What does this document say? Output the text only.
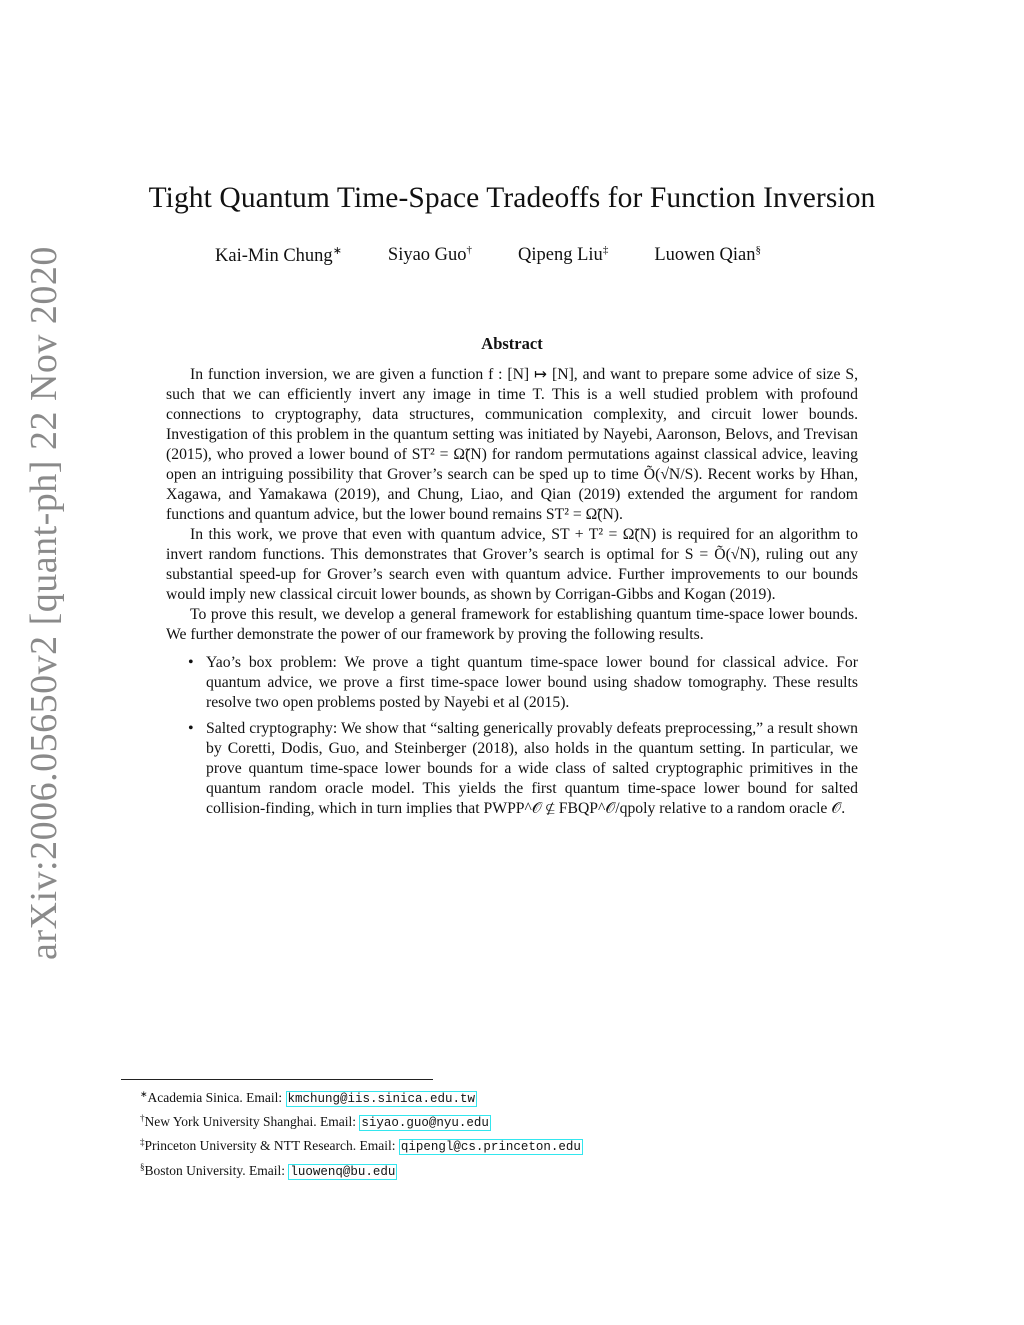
arXiv:2006.05650v2 [quant-ph] 22 Nov 2020
Tight Quantum Time-Space Tradeoffs for Function Inversion
Kai-Min Chung∗ Siyao Guo† Qipeng Liu‡ Luowen Qian§
Abstract

In function inversion, we are given a function f : [N] ↦ [N], and want to prepare some advice of size S, such that we can efficiently invert any image in time T. This is a well studied problem with profound connections to cryptography, data structures, communication complexity, and circuit lower bounds. Investigation of this problem in the quantum setting was initiated by Nayebi, Aaronson, Belovs, and Trevisan (2015), who proved a lower bound of ST² = Ω̃(N) for random permutations against classical advice, leaving open an intriguing possibility that Grover’s search can be sped up to time Õ(√N/S). Recent works by Hhan, Xagawa, and Yamakawa (2019), and Chung, Liao, and Qian (2019) extended the argument for random functions and quantum advice, but the lower bound remains ST² = Ω̃(N).

In this work, we prove that even with quantum advice, ST + T² = Ω̃(N) is required for an algorithm to invert random functions. This demonstrates that Grover’s search is optimal for S = Õ(√N), ruling out any substantial speed-up for Grover’s search even with quantum advice. Further improvements to our bounds would imply new classical circuit lower bounds, as shown by Corrigan-Gibbs and Kogan (2019).

To prove this result, we develop a general framework for establishing quantum time-space lower bounds. We further demonstrate the power of our framework by proving the following results.

• Yao’s box problem: We prove a tight quantum time-space lower bound for classical advice. For quantum advice, we prove a first time-space lower bound using shadow tomography. These results resolve two open problems posted by Nayebi et al (2015).
• Salted cryptography: We show that “salting generically provably defeats preprocessing,” a result shown by Coretti, Dodis, Guo, and Steinberger (2018), also holds in the quantum setting. In particular, we prove quantum time-space lower bounds for a wide class of salted cryptographic primitives in the quantum random oracle model. This yields the first quantum time-space lower bound for salted collision-finding, which in turn implies that PWPP^𝒪 ⊈ FBQP^𝒪/qpoly relative to a random oracle 𝒪.
∗Academia Sinica. Email: kmchung@iis.sinica.edu.tw
†New York University Shanghai. Email: siyao.guo@nyu.edu
‡Princeton University & NTT Research. Email: qipengl@cs.princeton.edu
§Boston University. Email: luowenq@bu.edu
